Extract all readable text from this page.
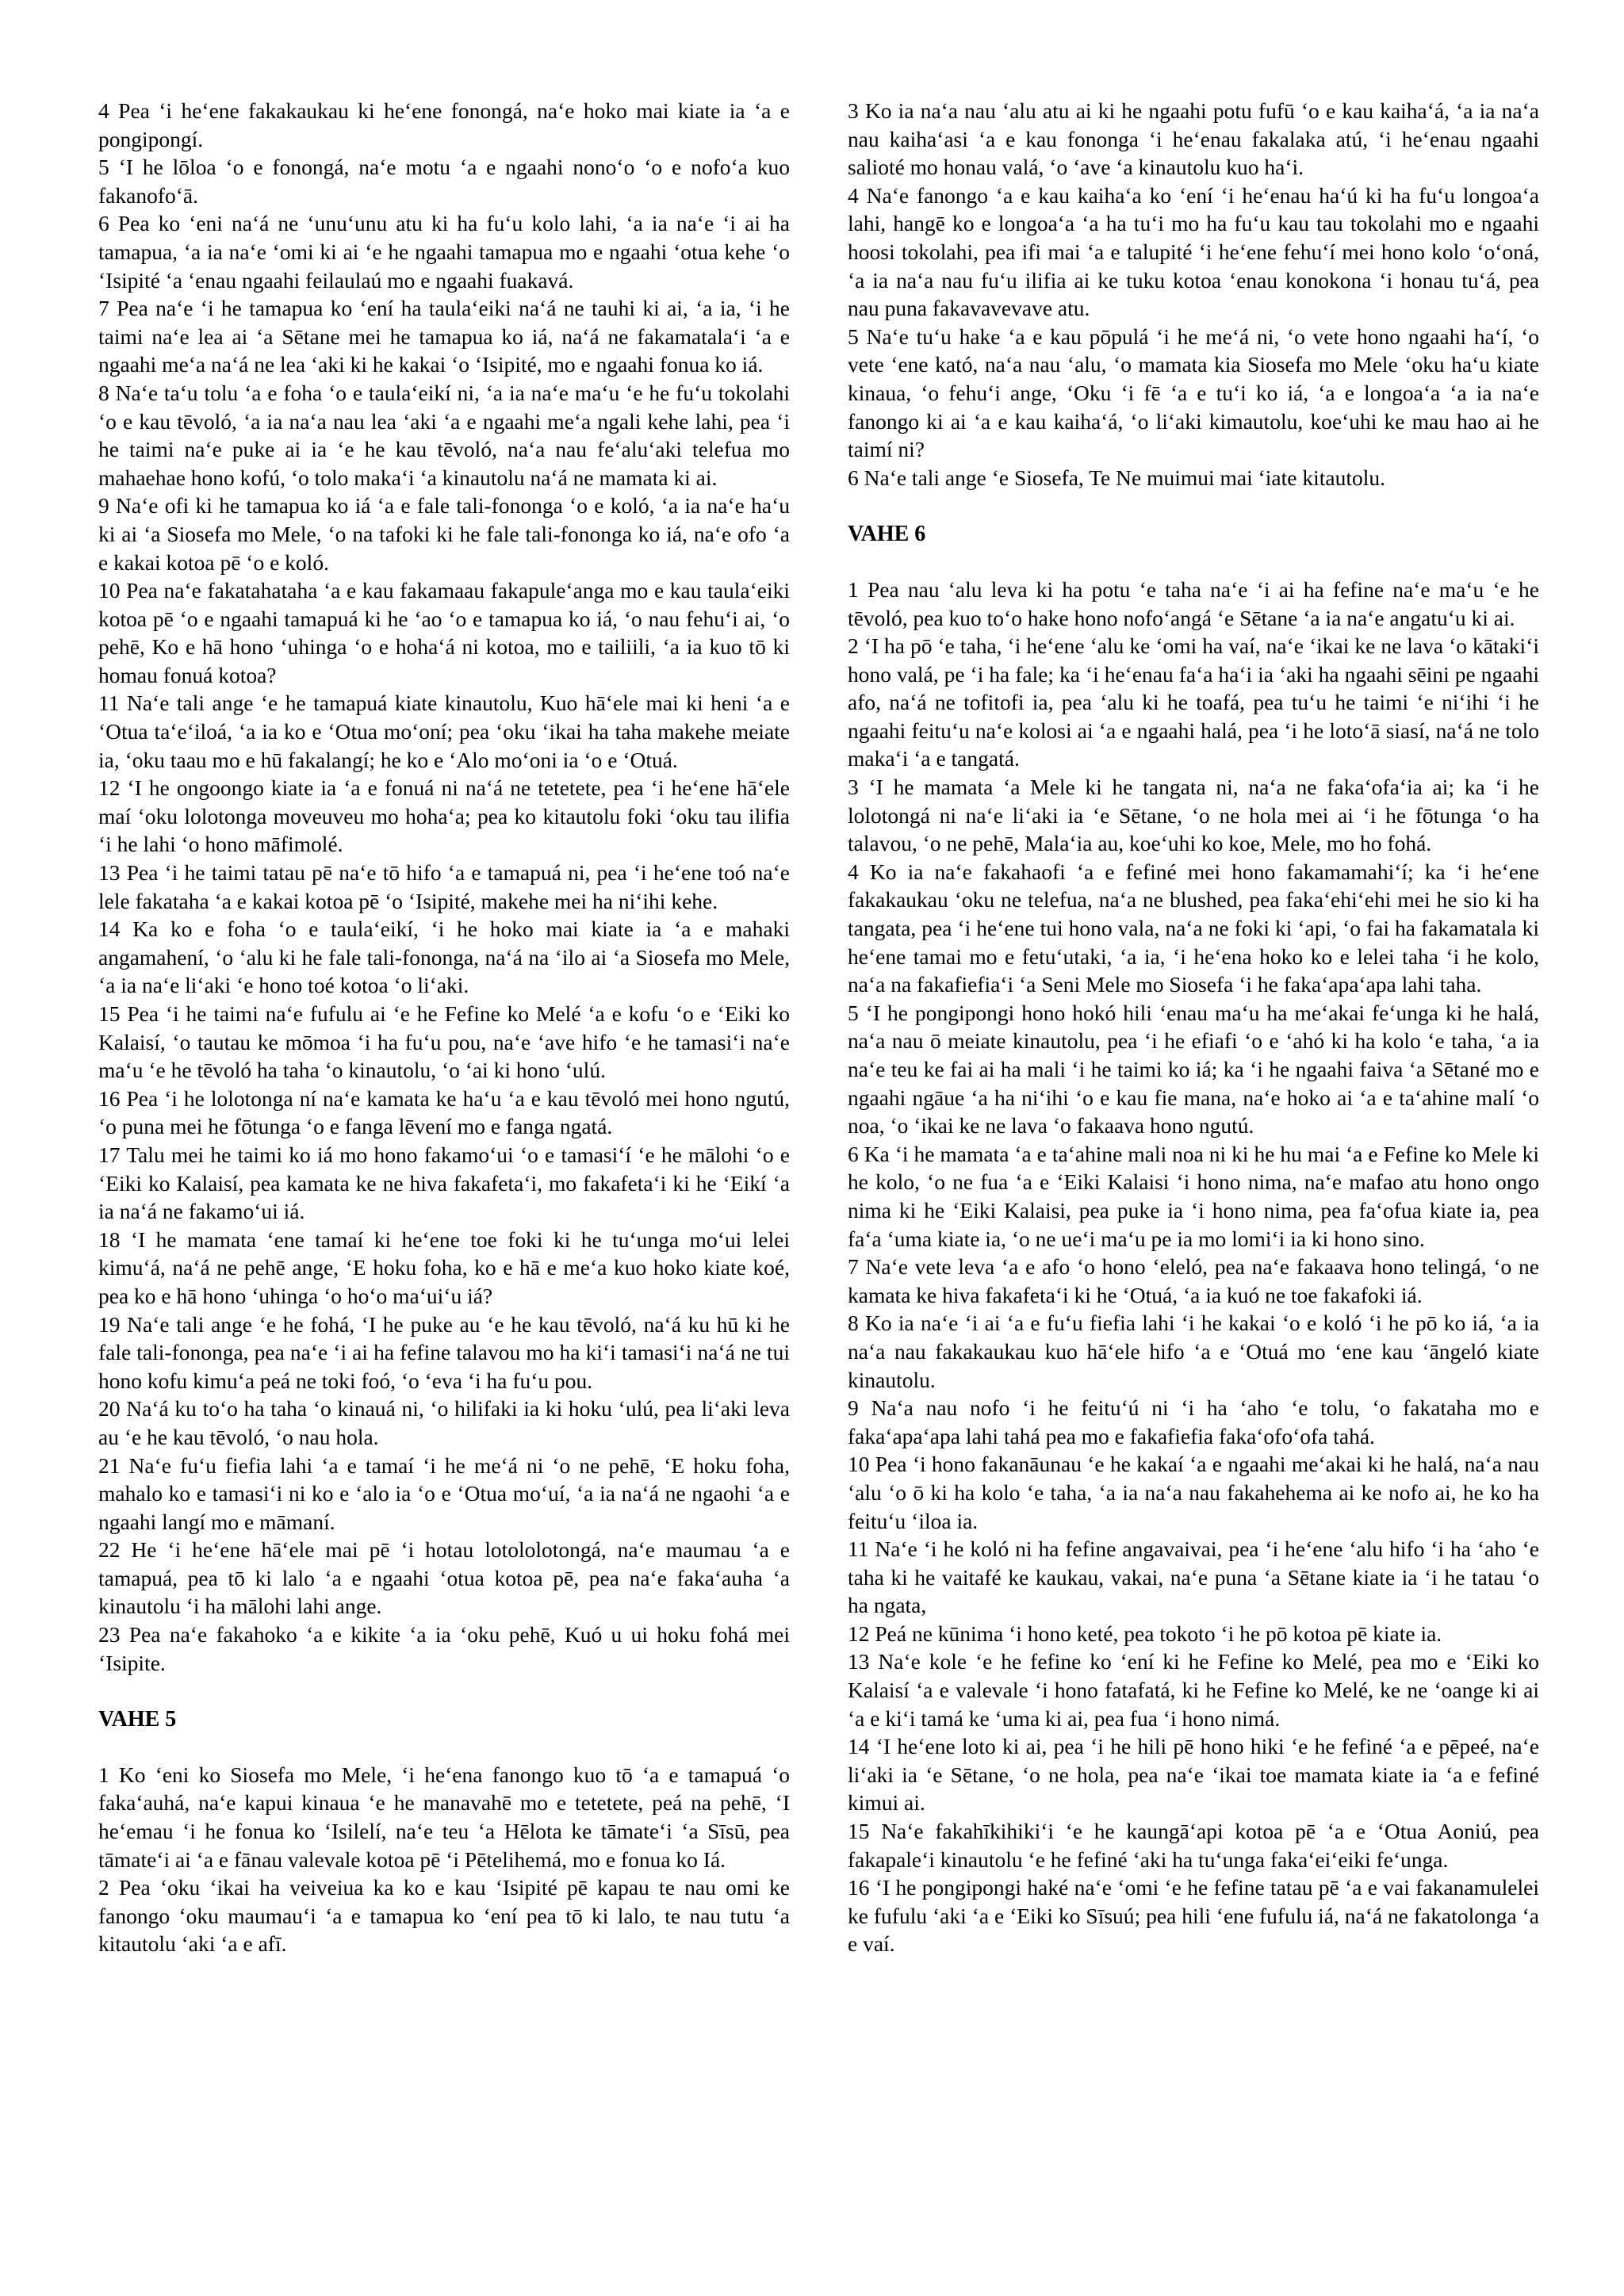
4 Pea ‘i he‘ene fakakaukau ki he‘ene fonongá, na‘e hoko mai kiate ia ‘a e pongipongí.

5 ‘I he lōloa ‘o e fonongá, na‘e motu ‘a e ngaahi nono‘o ‘o e nofo‘a kuo fakanofo‘ā.

6 Pea ko ‘eni na‘á ne ‘unu‘unu atu ki ha fu‘u kolo lahi, ‘a ia na‘e ‘i ai ha tamapua, ‘a ia na‘e ‘omi ki ai ‘e he ngaahi tamapua mo e ngaahi ‘otua kehe ‘o ‘Isipité ‘a ‘enau ngaahi feilaulaú mo e ngaahi fuakavá.

7 Pea na‘e ‘i he tamapua ko ‘ení ha taula‘eiki na‘á ne tauhi ki ai, ‘a ia, ‘i he taimi na‘e lea ai ‘a Sētane mei he tamapua ko iá, na‘á ne fakamatala‘i ‘a e ngaahi me‘a na‘á ne lea ‘aki ki he kakai ‘o ‘Isipité, mo e ngaahi fonua ko iá.

8 Na‘e ta‘u tolu ‘a e foha ‘o e taula‘eikí ni, ‘a ia na‘e ma‘u ‘e he fu‘u tokolahi ‘o e kau tēvoló, ‘a ia na‘a nau lea ‘aki ‘a e ngaahi me‘a ngali kehe lahi, pea ‘i he taimi na‘e puke ai ia ‘e he kau tēvoló, na‘a nau fe‘alu‘aki telefua mo mahaehae hono kofú, ‘o tolo maka‘i ‘a kinautolu na‘á ne mamata ki ai.

9 Na‘e ofi ki he tamapua ko iá ‘a e fale tali-fononga ‘o e koló, ‘a ia na‘e ha‘u ki ai ‘a Siosefa mo Mele, ‘o na tafoki ki he fale tali-fononga ko iá, na‘e ofo ‘a e kakai kotoa pē ‘o e koló.

10 Pea na‘e fakatahataha ‘a e kau fakamaau fakapule‘anga mo e kau taula‘eiki kotoa pē ‘o e ngaahi tamapuá ki he ‘ao ‘o e tamapua ko iá, ‘o nau fehu‘i ai, ‘o pehē, Ko e hā hono ‘uhinga ‘o e hoha‘á ni kotoa, mo e tailiili, ‘a ia kuo tō ki homau fonuá kotoa?

11 Na‘e tali ange ‘e he tamapuá kiate kinautolu, Kuo hā‘ele mai ki heni ‘a e ‘Otua ta‘e‘iloá, ‘a ia ko e ‘Otua mo‘oní; pea ‘oku ‘ikai ha taha makehe meiate ia, ‘oku taau mo e hū fakalangí; he ko e ‘Alo mo‘oni ia ‘o e ‘Otuá.

12 ‘I he ongoongo kiate ia ‘a e fonuá ni na‘á ne tetetete, pea ‘i he‘ene hā‘ele maí ‘oku lolotonga moveuveu mo hoha‘a; pea ko kitautolu foki ‘oku tau ilifia ‘i he lahi ‘o hono māfimolé.

13 Pea ‘i he taimi tatau pē na‘e tō hifo ‘a e tamapuá ni, pea ‘i he‘ene toó na‘e lele fakataha ‘a e kakai kotoa pē ‘o ‘Isipité, makehe mei ha ni‘ihi kehe.

14 Ka ko e foha ‘o e taula‘eikí, ‘i he hoko mai kiate ia ‘a e mahaki angamahení, ‘o ‘alu ki he fale tali-fononga, na‘á na ‘ilo ai ‘a Siosefa mo Mele, ‘a ia na‘e li‘aki ‘e hono toé kotoa ‘o li‘aki.

15 Pea ‘i he taimi na‘e fufulu ai ‘e he Fefine ko Melé ‘a e kofu ‘o e ‘Eiki ko Kalaisí, ‘o tautau ke mōmoa ‘i ha fu‘u pou, na‘e ‘ave hifo ‘e he tamasi‘i na‘e ma‘u ‘e he tēvoló ha taha ‘o kinautolu, ‘o ‘ai ki hono ‘ulú.

16 Pea ‘i he lolotonga ní na‘e kamata ke ha‘u ‘a e kau tēvoló mei hono ngutú, ‘o puna mei he fōtunga ‘o e fanga lēvení mo e fanga ngatá.

17 Talu mei he taimi ko iá mo hono fakamo‘ui ‘o e tamasi‘í ‘e he mālohi ‘o e ‘Eiki ko Kalaisí, pea kamata ke ne hiva fakafeta‘i, mo fakafeta‘i ki he ‘Eikí ‘a ia na‘á ne fakamo‘ui iá.

18 ‘I he mamata ‘ene tamaí ki he‘ene toe foki ki he tu‘unga mo‘ui lelei kimu‘á, na‘á ne pehē ange, ‘E hoku foha, ko e hā e me‘a kuo hoko kiate koé, pea ko e hā hono ‘uhinga ‘o ho‘o ma‘ui‘u iá?

19 Na‘e tali ange ‘e he fohá, ‘I he puke au ‘e he kau tēvoló, na‘á ku hū ki he fale tali-fononga, pea na‘e ‘i ai ha fefine talavou mo ha ki‘i tamasi‘i na‘á ne tui hono kofu kimu‘a peá ne toki foó, ‘o ‘eva ‘i ha fu‘u pou.

20 Na‘á ku to‘o ha taha ‘o kinauá ni, ‘o hilifaki ia ki hoku ‘ulú, pea li‘aki leva au ‘e he kau tēvoló, ‘o nau hola.

21 Na‘e fu‘u fiefia lahi ‘a e tamaí ‘i he me‘á ni ‘o ne pehē, ‘E hoku foha, mahalo ko e tamasi‘i ni ko e ‘alo ia ‘o e ‘Otua mo‘uí, ‘a ia na‘á ne ngaohi ‘a e ngaahi langí mo e māmaní.

22 He ‘i he‘ene hā‘ele mai pē ‘i hotau lotololotongá, na‘e maumau ‘a e tamapuá, pea tō ki lalo ‘a e ngaahi ‘otua kotoa pē, pea na‘e faka‘auha ‘a kinautolu ‘i ha mālohi lahi ange.

23 Pea na‘e fakahoko ‘a e kikite ‘a ia ‘oku pehē, Kuó u ui hoku fohá mei ‘Isipite.

VAHE 5

1 Ko ‘eni ko Siosefa mo Mele, ‘i he‘ena fanongo kuo tō ‘a e tamapuá ‘o faka‘auhá, na‘e kapui kinaua ‘e he manavahē mo e tetetete, peá na pehē, ‘I he‘emau ‘i he fonua ko ‘Isilelí, na‘e teu ‘a Hēlota ke tāmate‘i ‘a Sīsū, pea tāmate‘i ai ‘a e fānau valevale kotoa pē ‘i Pētelihemá, mo e fonua ko Iá.

2 Pea ‘oku ‘ikai ha veiveiua ka ko e kau ‘Isipité pē kapau te nau omi ke fanongo ‘oku maumau‘i ‘a e tamapua ko ‘ení pea tō ki lalo, te nau tutu ‘a kitautolu ‘aki ‘a e afī.

3 Ko ia na‘a nau ‘alu atu ai ki he ngaahi potu fufū ‘o e kau kaiha‘á, ‘a ia na‘a nau kaiha‘asi ‘a e kau fononga ‘i he‘enau fakalaka atú, ‘i he‘enau ngaahi salioté mo honau valá, ‘o ‘ave ‘a kinautolu kuo ha‘i.

4 Na‘e fanongo ‘a e kau kaiha‘a ko ‘ení ‘i he‘enau ha‘ú ki ha fu‘u longoa‘a lahi, hangē ko e longoa‘a ‘a ha tu‘i mo ha fu‘u kau tau tokolahi mo e ngaahi hoosi tokolahi, pea ifi mai ‘a e talupité ‘i he‘ene fehu‘í mei hono kolo ‘o‘oná, ‘a ia na‘a nau fu‘u ilifia ai ke tuku kotoa ‘enau konokona ‘i honau tu‘á, pea nau puna fakavavevave atu.

5 Na‘e tu‘u hake ‘a e kau pōpulá ‘i he me‘á ni, ‘o vete hono ngaahi ha‘í, ‘o vete ‘ene kató, na‘a nau ‘alu, ‘o mamata kia Siosefa mo Mele ‘oku ha‘u kiate kinaua, ‘o fehu‘i ange, ‘Oku ‘i fē ‘a e tu‘i ko iá, ‘a e longoa‘a ‘a ia na‘e fanongo ki ai ‘a e kau kaiha‘á, ‘o li‘aki kimautolu, koe‘uhi ke mau hao ai he taimí ni?

6 Na‘e tali ange ‘e Siosefa, Te Ne muimui mai ‘iate kitautolu.

VAHE 6

1 Pea nau ‘alu leva ki ha potu ‘e taha na‘e ‘i ai ha fefine na‘e ma‘u ‘e he tēvoló, pea kuo to‘o hake hono nofo‘angá ‘e Sētane ‘a ia na‘e angatu‘u ki ai.

2 ‘I ha pō ‘e taha, ‘i he‘ene ‘alu ke ‘omi ha vaí, na‘e ‘ikai ke ne lava ‘o kātaki‘i hono valá, pe ‘i ha fale; ka ‘i he‘enau fa‘a ha‘i ia ‘aki ha ngaahi sēini pe ngaahi afo, na‘á ne tofitofi ia, pea ‘alu ki he toafá, pea tu‘u he taimi ‘e ni‘ihi ‘i he ngaahi feitu‘u na‘e kolosi ai ‘a e ngaahi halá, pea ‘i he loto‘ā siasí, na‘á ne tolo maka‘i ‘a e tangatá.

3 ‘I he mamata ‘a Mele ki he tangata ni, na‘a ne faka‘ofa‘ia ai; ka ‘i he lolotongá ni na‘e li‘aki ia ‘e Sētane, ‘o ne hola mei ai ‘i he fōtunga ‘o ha talavou, ‘o ne pehē, Mala‘ia au, koe‘uhi ko koe, Mele, mo ho fohá.

4 Ko ia na‘e fakahaofi ‘a e fefiné mei hono fakamamahi‘í; ka ‘i he‘ene fakakaukau ‘oku ne telefua, na‘a ne blushed, pea faka‘ehi‘ehi mei he sio ki ha tangata, pea ‘i he‘ene tui hono vala, na‘a ne foki ki ‘api, ‘o fai ha fakamatala ki he‘ene tamai mo e fetu‘utaki, ‘a ia, ‘i he‘ena hoko ko e lelei taha ‘i he kolo, na‘a na fakafiefia‘i ‘a Seni Mele mo Siosefa ‘i he faka‘apa‘apa lahi taha.

5 ‘I he pongipongi hono hokó hili ‘enau ma‘u ha me‘akai fe‘unga ki he halá, na‘a nau ō meiate kinautolu, pea ‘i he efiafi ‘o e ‘ahó ki ha kolo ‘e taha, ‘a ia na‘e teu ke fai ai ha mali ‘i he taimi ko iá; ka ‘i he ngaahi faiva ‘a Sētané mo e ngaahi ngāue ‘a ha ni‘ihi ‘o e kau fie mana, na‘e hoko ai ‘a e ta‘ahine malí ‘o noa, ‘o ‘ikai ke ne lava ‘o fakaava hono ngutú.

6 Ka ‘i he mamata ‘a e ta‘ahine mali noa ni ki he hu mai ‘a e Fefine ko Mele ki he kolo, ‘o ne fua ‘a e ‘Eiki Kalaisi ‘i hono nima, na‘e mafao atu hono ongo nima ki he ‘Eiki Kalaisi, pea puke ia ‘i hono nima, pea fa‘ofua kiate ia, pea fa‘a ‘uma kiate ia, ‘o ne ue‘i ma‘u pe ia mo lomi‘i ia ki hono sino.

7 Na‘e vete leva ‘a e afo ‘o hono ‘eleló, pea na‘e fakaava hono telingá, ‘o ne kamata ke hiva fakafeta‘i ki he ‘Otuá, ‘a ia kuó ne toe fakafoki iá.

8 Ko ia na‘e ‘i ai ‘a e fu‘u fiefia lahi ‘i he kakai ‘o e koló ‘i he pō ko iá, ‘a ia na‘a nau fakakaukau kuo hā‘ele hifo ‘a e ‘Otuá mo ‘ene kau ‘āngeló kiate kinautolu.

9 Na‘a nau nofo ‘i he feitu‘ú ni ‘i ha ‘aho ‘e tolu, ‘o fakataha mo e faka‘apa‘apa lahi tahá pea mo e fakafiefia faka‘ofo‘ofa tahá.

10 Pea ‘i hono fakanāunau ‘e he kakaí ‘a e ngaahi me‘akai ki he halá, na‘a nau ‘alu ‘o ō ki ha kolo ‘e taha, ‘a ia na‘a nau fakahehema ai ke nofo ai, he ko ha feitu‘u ‘iloa ia.

11 Na‘e ‘i he koló ni ha fefine angavaivai, pea ‘i he‘ene ‘alu hifo ‘i ha ‘aho ‘e taha ki he vaitafé ke kaukau, vakai, na‘e puna ‘a Sētane kiate ia ‘i he tatau ‘o ha ngata,

12 Peá ne kūnima ‘i hono keté, pea tokoto ‘i he pō kotoa pē kiate ia.

13 Na‘e kole ‘e he fefine ko ‘ení ki he Fefine ko Melé, pea mo e ‘Eiki ko Kalaisí ‘a e valevale ‘i hono fatafatá, ki he Fefine ko Melé, ke ne ‘oange ki ai ‘a e ki‘i tamá ke ‘uma ki ai, pea fua ‘i hono nimá.

14 ‘I he‘ene loto ki ai, pea ‘i he hili pē hono hiki ‘e he fefiné ‘a e pēpeé, na‘e li‘aki ia ‘e Sētane, ‘o ne hola, pea na‘e ‘ikai toe mamata kiate ia ‘a e fefiné kimui ai.

15 Na‘e fakahīkihiki‘i ‘e he kaungā‘api kotoa pē ‘a e ‘Otua Aoniú, pea fakapale‘i kinautolu ‘e he fefiné ‘aki ha tu‘unga faka‘ei‘eiki fe‘unga.

16 ‘I he pongipongi haké na‘e ‘omi ‘e he fefine tatau pē ‘a e vai fakanamulelei ke fufulu ‘aki ‘a e ‘Eiki ko Sīsuú; pea hili ‘ene fufulu iá, na‘á ne fakatolonga ‘a e vaí.
